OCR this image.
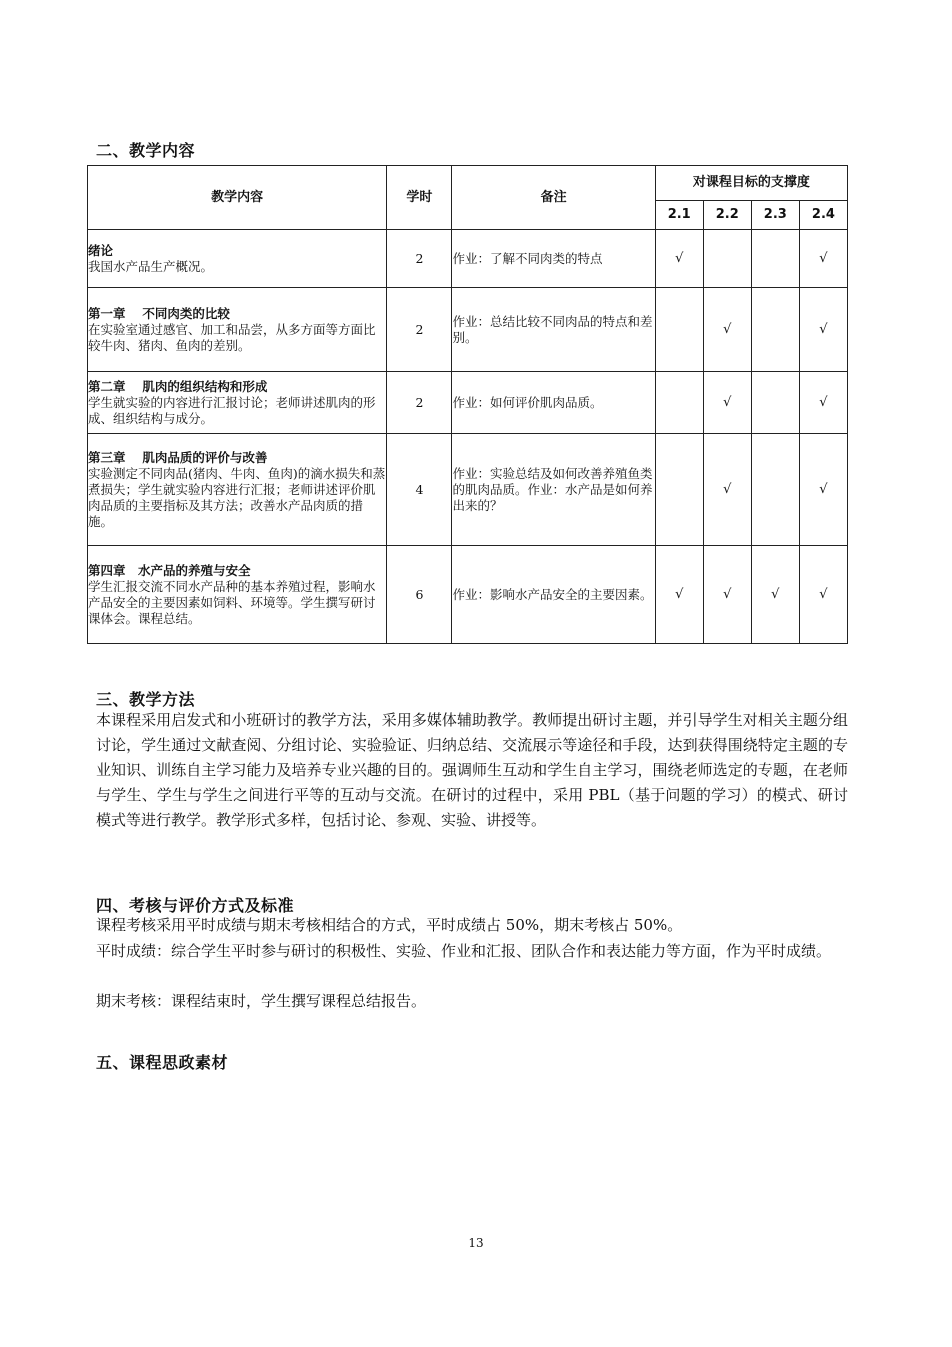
二、教学内容
教学内容	学时	备注	对课程目标的支撑度			
			2.1	2.2	2.3	2.4

绪论
我国水产品生产概况。	2	作业：了解不同肉类的特点	√			√

第一章　 不同肉类的比较
在实验室通过感官、加工和品尝，从多方面等方面比较牛肉、猪肉、鱼肉的差别。	2	作业：总结比较不同肉品的特点和差别。		√		√

第二章　 肌肉的组织结构和形成
学生就实验的内容进行汇报讨论；老师讲述肌肉的形成、组织结构与成分。	2	作业：如何评价肌肉品质。		√		√

第三章　 肌肉品质的评价与改善
实验测定不同肉品(猪肉、牛肉、鱼肉)的滴水损失和蒸煮损失；学生就实验内容进行汇报；老师讲述评价肌肉品质的主要指标及其方法；改善水产品肉质的措施。	4	作业：实验总结及如何改善养殖鱼类的肌肉品质。作业：水产品是如何养出来的？		√		√

第四章　水产品的养殖与安全
学生汇报交流不同水产品种的基本养殖过程，影响水产品安全的主要因素如饲料、环境等。学生撰写研讨课体会。课程总结。	6	作业：影响水产品安全的主要因素。	√	√	√	√
三、教学方法

本课程采用启发式和小班研讨的教学方法，采用多媒体辅助教学。教师提出研讨主题，并引导学生对相关主题分组讨论，学生通过文献查阅、分组讨论、实验验证、归纳总结、交流展示等途径和手段，达到获得围绕特定主题的专业知识、训练自主学习能力及培养专业兴趣的目的。强调师生互动和学生自主学习，围绕老师选定的专题，在老师与学生、学生与学生之间进行平等的互动与交流。在研讨的过程中，采用 PBL（基于问题的学习）的模式、研讨模式等进行教学。教学形式多样，包括讨论、参观、实验、讲授等。

四、考核与评价方式及标准

课程考核采用平时成绩与期末考核相结合的方式，平时成绩占 50%，期末考核占 50%。

平时成绩：综合学生平时参与研讨的积极性、实验、作业和汇报、团队合作和表达能力等方面，作为平时成绩。

期末考核：课程结束时，学生撰写课程总结报告。

五、课程思政素材
13
